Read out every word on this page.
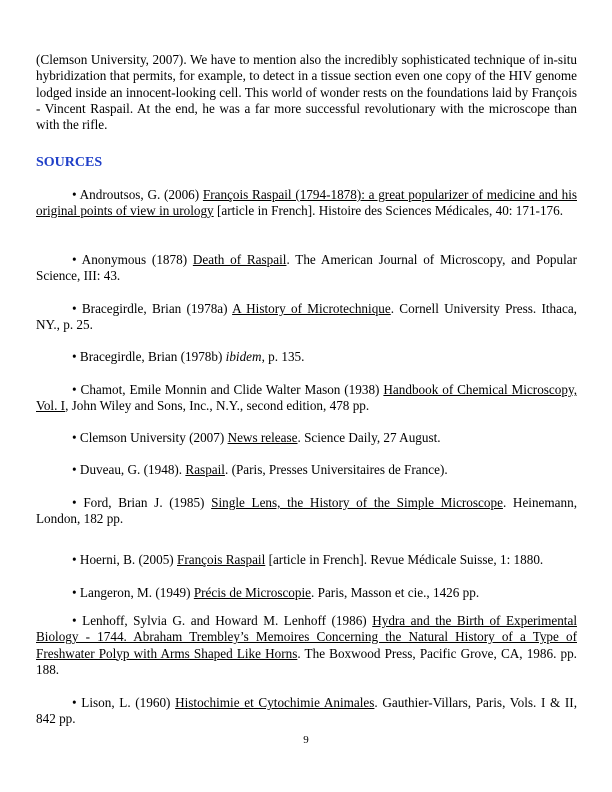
(Clemson University, 2007). We have to mention also the incredibly sophisticated technique of in-situ hybridization that permits, for example, to detect in a tissue section even one copy of the HIV genome lodged inside an innocent-looking cell. This world of wonder rests on the foundations laid by François - Vincent Raspail. At the end, he was a far more successful revolutionary with the microscope than with the rifle.

SOURCES

• Androutsos, G. (2006) François Raspail (1794-1878): a great popularizer of medicine and his original points of view in urology [article in French]. Histoire des Sciences Médicales, 40: 171-176.

• Anonymous (1878) Death of Raspail. The American Journal of Microscopy, and Popular Science, III: 43.

• Bracegirdle, Brian (1978a) A History of Microtechnique. Cornell University Press. Ithaca, NY., p. 25.

• Bracegirdle, Brian (1978b) ibidem, p. 135.

• Chamot, Emile Monnin and Clide Walter Mason (1938) Handbook of Chemical Microscopy, Vol. I, John Wiley and Sons, Inc., N.Y., second edition, 478 pp.

• Clemson University (2007) News release. Science Daily, 27 August.

• Duveau, G. (1948). Raspail. (Paris, Presses Universitaires de France).

• Ford, Brian J. (1985) Single Lens, the History of the Simple Microscope. Heinemann, London, 182 pp.

• Hoerni, B. (2005) François Raspail [article in French]. Revue Médicale Suisse, 1: 1880.

• Langeron, M. (1949) Précis de Microscopie. Paris, Masson et cie., 1426 pp.

• Lenhoff, Sylvia G. and Howard M. Lenhoff (1986) Hydra and the Birth of Experimental Biology - 1744. Abraham Trembley’s Memoires Concerning the Natural History of a Type of Freshwater Polyp with Arms Shaped Like Horns. The Boxwood Press, Pacific Grove, CA, 1986. pp. 188.

• Lison, L. (1960) Histochimie et Cytochimie Animales. Gauthier-Villars, Paris, Vols. I & II, 842 pp.

9
